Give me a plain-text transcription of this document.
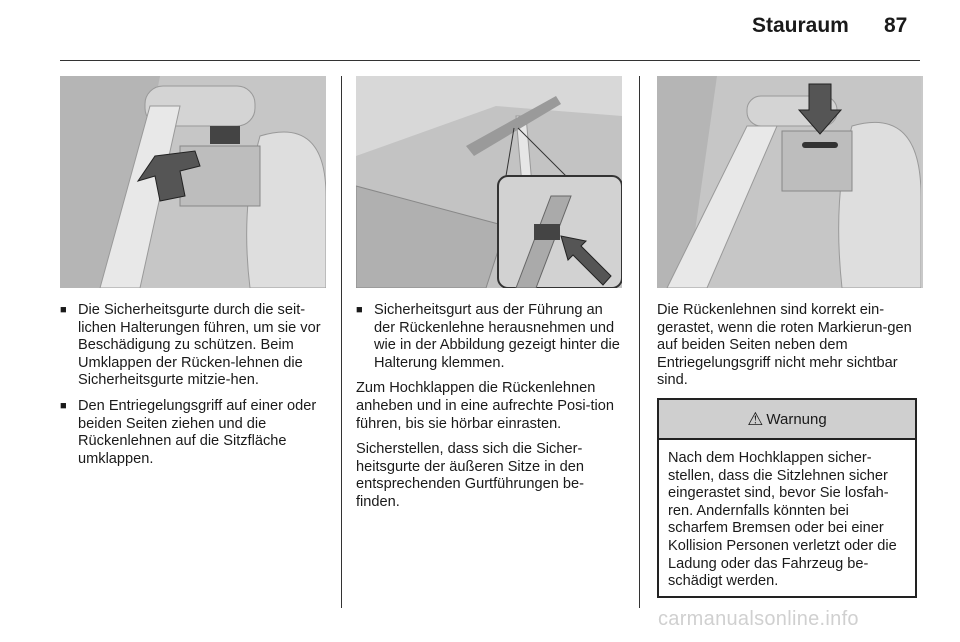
Stauraum 87

■ Die Sicherheitsgurte durch die seit-lichen Halterungen führen, um sie vor Beschädigung zu schützen. Beim Umklappen der Rücken-lehnen die Sicherheitsgurte mitzie-hen.

■ Den Entriegelungsgriff auf einer oder beiden Seiten ziehen und die Rückenlehnen auf die Sitzfläche umklappen.

■ Sicherheitsgurt aus der Führung an der Rückenlehne herausnehmen und wie in der Abbildung gezeigt hinter die Halterung klemmen.

Zum Hochklappen die Rückenlehnen anheben und in eine aufrechte Posi-tion führen, bis sie hörbar einrasten.

Sicherstellen, dass sich die Sicher-heitsgurte der äußeren Sitze in den entsprechenden Gurtführungen be-finden.

Die Rückenlehnen sind korrekt ein-gerastet, wenn die roten Markierun-gen auf beiden Seiten neben dem Entriegelungsgriff nicht mehr sichtbar sind.

⚠ Warnung
Nach dem Hochklappen sicher-stellen, dass die Sitzlehnen sicher eingerastet sind, bevor Sie losfah-ren. Andernfalls könnten bei scharfem Bremsen oder bei einer Kollision Personen verletzt oder die Ladung oder das Fahrzeug be-schädigt werden.
carmanualsonline.info
